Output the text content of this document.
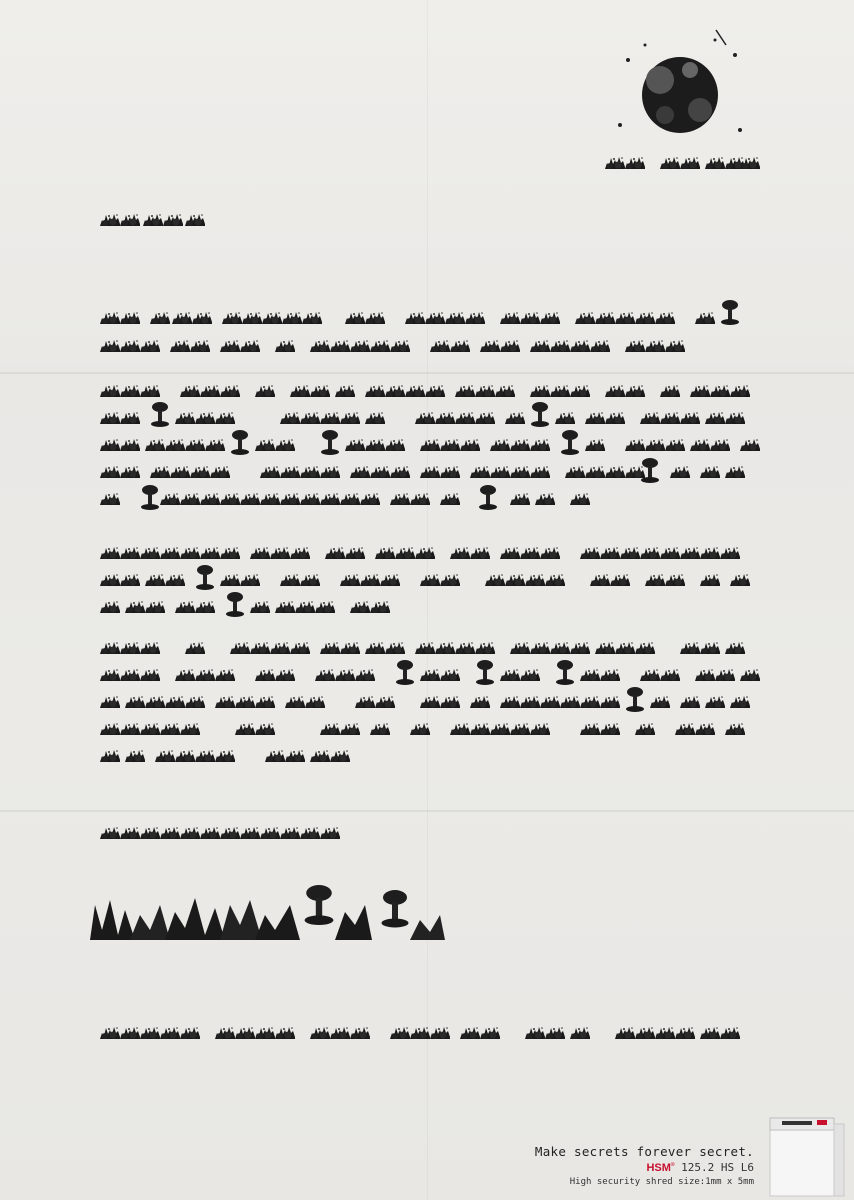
Make secrets forever secret.
HSM® 125.2 HS L6
High security shred size:1mm x 5mm
